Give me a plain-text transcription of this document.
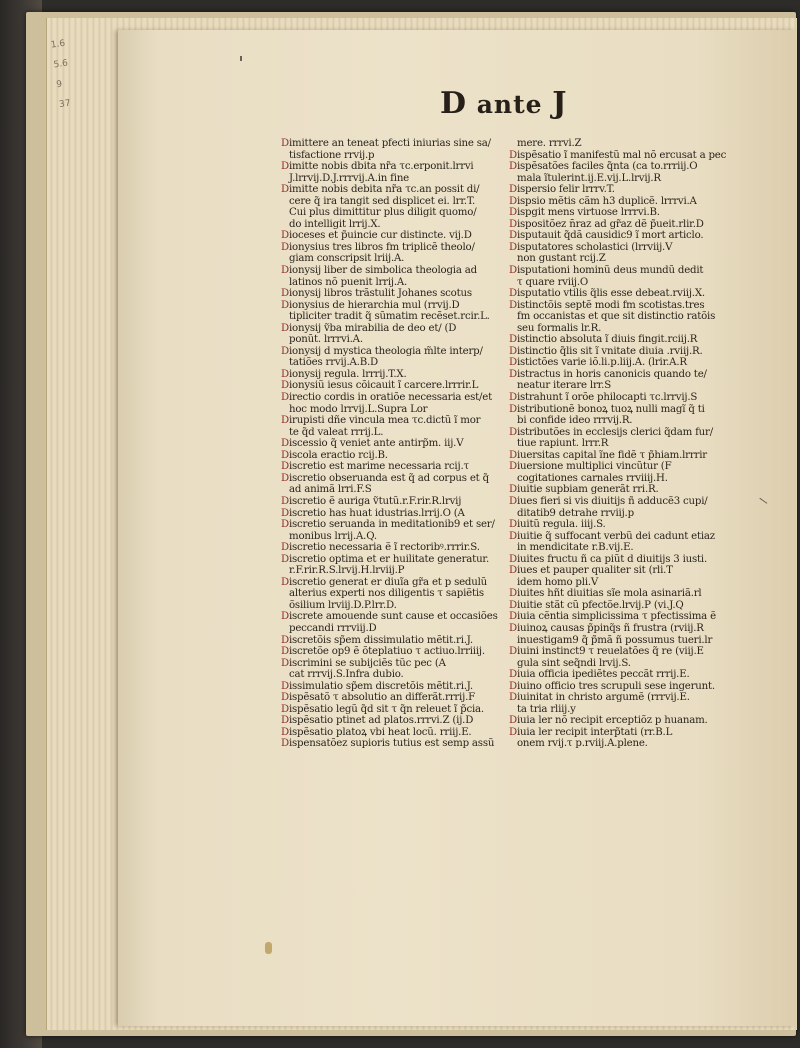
1.6
5.6
9
37	D ante J
Dimittere an teneat̃ pfecti iniurias sine sa/
tisfactione rrvij.p
Dimitte nobis dbita nr̃a τc.erponit.lrrvi
J.lrrvij.D.J.rrrvij.A.in fine
Dimitte nobis debita nr̃a τc.an possit di/
cere q̃ ira tangit̃ sed displicet ei. lrr.T.
Cui plus dimittitur plus diligit quomo/
do intelligit̃ lrrij.X.
Dioceses et p̃uincie cur distincte. vij.D
Dionysius tres libros f̃m triplicẽ theolo/
giam conscripsit lriij.A.
Dionysij liber de simbolica theologia ad
latinos nõ puenit lrrij.A.
Dionysij libros trãstulit Joh̃anes scotus
Dionysius de hierarchia mul (rrvij.D
tipliciter tradit q̃ sũmatim recẽset.rcir.L.
Dionysij ṽba mirabilia de deo et/ (D
ponũt. lrrrvi.A.
Dionysij d mystica theologia m̃lte interp/
tatiões rrvij.A.B.D
Dionysij regula. lrrrij.T.X.
Dionysiũ iesus cõicauit ĩ carcere.lrrrir.L
Directio cordis in oratiõe necessaria est/et
hoc modo lrrvij.L.Supra Lor
Dirupisti dñe vincula mea τc.dictũ ĩ mor
te q̃d valeat rrrij.L.
Discessio q̃ veniet ante antirp̃m. iij.V
Discola eractio rcij.B.
Discretio est marime necessaria rcij.τ
Discretio obseruanda est q̃ ad corpus et q̃
ad animã lrri.F.S
Discretio ẽ auriga ṽtutũ.r.F.rir.R.lrvij
Discretio has h̃uat idustrias.lrrij.O (A
Discretio seruanda in meditationib9 et ser/
monibus lrrij.A.Q.
Discretio necessaria ẽ ĩ rectoribꝰ.rrrir.S.
Discretio optima et er h̃uilitate generatur.
r.F.rir.R.S.lrvij.H.lrviij.P
Discretio generat̃ er diuĩa gr̃a et p sedulũ
alterius experti nos diligentis τ sapiẽtis
õsilium lrviij.D.P.lrr.D.
Discrete amouende sunt cause et occasiões
peccandi rrrviij.D
Discretõis sp̃em dissimulatio mẽtit̃.ri.J.
Discretõe op9 ẽ õteplatiuo τ actiuo.lrriiij.
Discrimini se subijciẽs tũc pec (A
cat rrrvij.S.Infra dubio.
Dissimulatio sp̃em discretõis mẽtit̃.ri.J.
Dispẽsatõ τ absolutio an differãt.rrrij.F
Dispẽsatio legũ q̃d sit τ q̃n releuet ĩ p̃cia.
Dispẽsatio ptinet ad platos.rrrvi.Z (ij.D
Dispẽsatio platoꝝ vbi h̃eat locũ. rriij.E.
Dispensatõez supioris tutius est semp assũ
mere. rrrvi.Z
Dispẽsatio ĩ manifestũ mal̃ nõ ercusat a pec
Dispẽsatões faciles q̃nta (ca to.rrriij.O
mala ĩtulerint.ij.E.vij.L.lrvij.R
Dispersio felir lrrrv.T.
Dispsio mẽtis cãm h3 duplicẽ. lrrrvi.A
Dispgit̃ mens virtuose lrrrvi.B.
Dispositõez n̄raz ad gr̃az dẽ p̃ueit.rlir.D
Disputauit q̃dã causidic9 ĩ mort̃ articlo.
Disputatores scholastici (lrrviij.V
non gustant rcij.Z
Disputationi hominũ deus mundũ dedit
τ quare rviij.O
Disputatio vtilis q̃lis esse debeat.rviij.X.
Distinctõis septẽ modi f̃m scotistas.tres
f̃m occanistas et que sit distinctio ratõis
seu formalis lr.R.
Distinctio absoluta ĩ diuis fingit̃.rciij.R
Distinctio q̃lis sit ĩ vnitate diuia .rviij.R.
Distictões varie iõ.li.p.liij.A. (lrir.A.R
Distractus in horis canonicis quando te/
neatur iterare lrr.S
Distrahunt̃ ĩ orõe philocapti τc.lrrvij.S
Distributionẽ bonoꝝ tuoꝝ nulli magĩ q̃ ti
bi confide ideo rrrvij.R.
Distributões in ecclesijs clerici q̃dam fur/
tiue rapiunt. lrrr.R
Diuersitas capital̃ ĩne fidẽ τ p̃hiam.lrrrir
Diuersione multiplici vincũtur (F
cogitationes carnales rrviiij.H.
Diuitie supbiam generãt rri.R.
Diues fieri si vis diuitijs ñ adducẽ3 cupi/
ditatib9 detrahe rrviij.p
Diuitũ regula. iiij.S.
Diuitie q̃ suffocant verbũ dei cadunt etiaz
in mendicitate r.B.vij.E.
Diuites fructu ñ ca piũt d diuitijs 3 iusti.
Diues et pauper qualiter sit (rli.T
idem homo pli.V
Diuites h̃ñt diuitias sĩe mola asinariã.rl
Diuitie st̃ãt cũ pfectõe.lrvij.P (vi.J.Q
Diuia cẽntia simplicissima τ pfectissima ẽ
Diuinoꝝ causas p̃pinq̃s ñ frustra (rviij.R
inuestigam9 q̃ p̃mã ñ possumus tueri.lr
Diuini instinct9 τ reuelatões q̃ re (viij.E
gula sint seq̃ndi lrvij.S.
Diuia officia ipediẽtes peccãt rrrij.E.
Diuino officio tres scrupuli sese ingerunt.
Diuinitat̃ in christo argumẽ (rrrvij.E.
ta tria rliij.y
Diuia ler nõ recipit erceptiõz p h̃uanam.
Diuia ler recipit interp̃tati (rr.B.L
onem rvij.τ p.rviij.A.plene.
